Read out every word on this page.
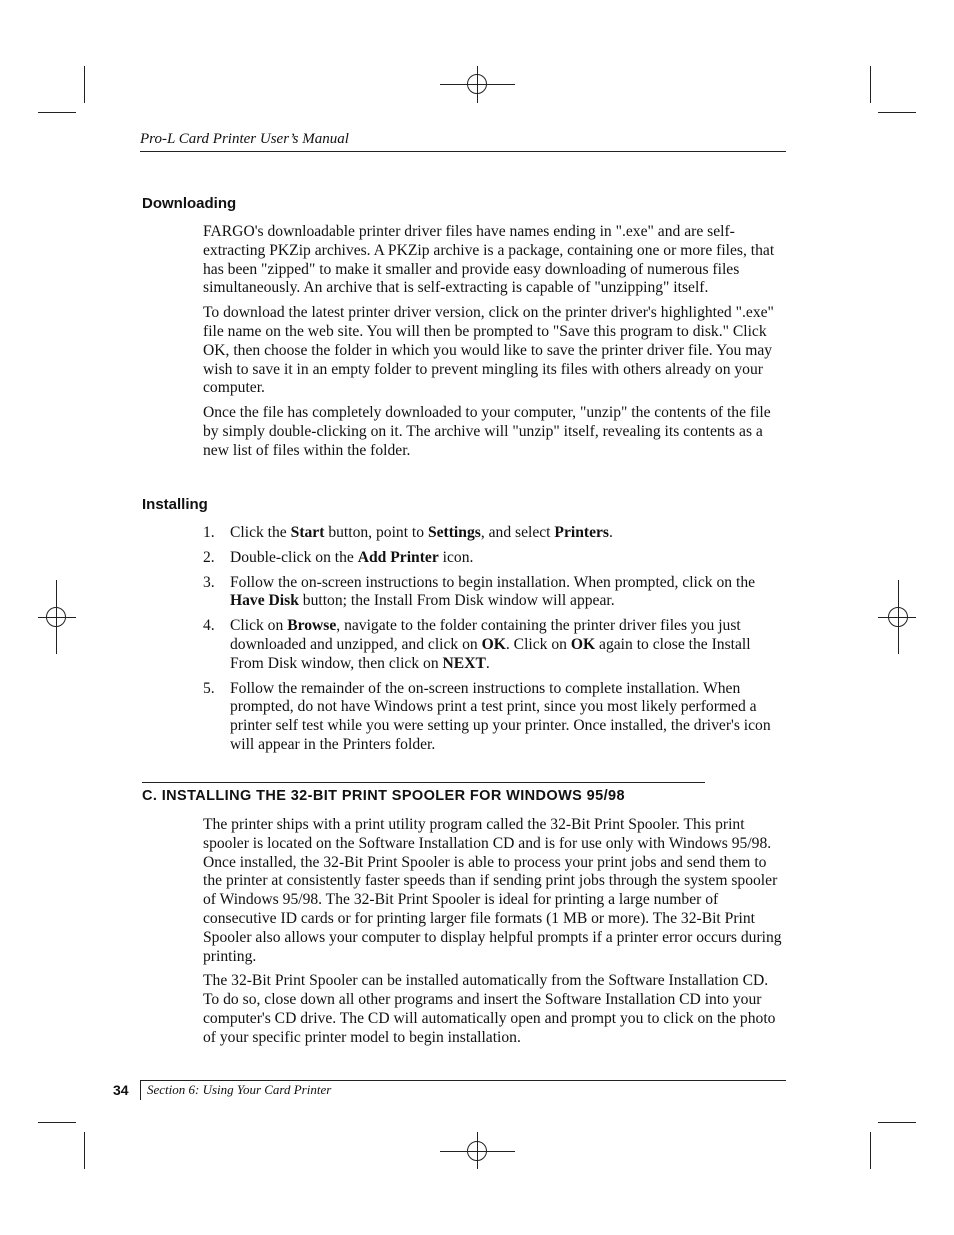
Pro-L Card Printer User’s Manual
Downloading

FARGO's downloadable printer driver files have names ending in ".exe" and are self-extracting PKZip archives. A PKZip archive is a package, containing one or more files, that has been "zipped" to make it smaller and provide easy downloading of numerous files simultaneously. An archive that is self-extracting is capable of "unzipping" itself.

To download the latest printer driver version, click on the printer driver's highlighted ".exe" file name on the web site. You will then be prompted to "Save this program to disk." Click OK, then choose the folder in which you would like to save the printer driver file. You may wish to save it in an empty folder to prevent mingling its files with others already on your computer.

Once the file has completely downloaded to your computer, "unzip" the contents of the file by simply double-clicking on it. The archive will "unzip" itself, revealing its contents as a new list of files within the folder.

Installing
1. Click the Start button, point to Settings, and select Printers.
2. Double-click on the Add Printer icon.
3. Follow the on-screen instructions to begin installation. When prompted, click on the Have Disk button; the Install From Disk window will appear.
4. Click on Browse, navigate to the folder containing the printer driver files you just downloaded and unzipped, and click on OK. Click on OK again to close the Install From Disk window, then click on NEXT.
5. Follow the remainder of the on-screen instructions to complete installation. When prompted, do not have Windows print a test print, since you most likely performed a printer self test while you were setting up your printer. Once installed, the driver's icon will appear in the Printers folder.
C. INSTALLING THE 32-BIT PRINT SPOOLER FOR WINDOWS 95/98

The printer ships with a print utility program called the 32-Bit Print Spooler. This print spooler is located on the Software Installation CD and is for use only with Windows 95/98. Once installed, the 32-Bit Print Spooler is able to process your print jobs and send them to the printer at consistently faster speeds than if sending print jobs through the system spooler of Windows 95/98. The 32-Bit Print Spooler is ideal for printing a large number of consecutive ID cards or for printing larger file formats (1 MB or more). The 32-Bit Print Spooler also allows your computer to display helpful prompts if a printer error occurs during printing.

The 32-Bit Print Spooler can be installed automatically from the Software Installation CD. To do so, close down all other programs and insert the Software Installation CD into your computer's CD drive. The CD will automatically open and prompt you to click on the photo of your specific printer model to begin installation.

34 Section 6: Using Your Card Printer
